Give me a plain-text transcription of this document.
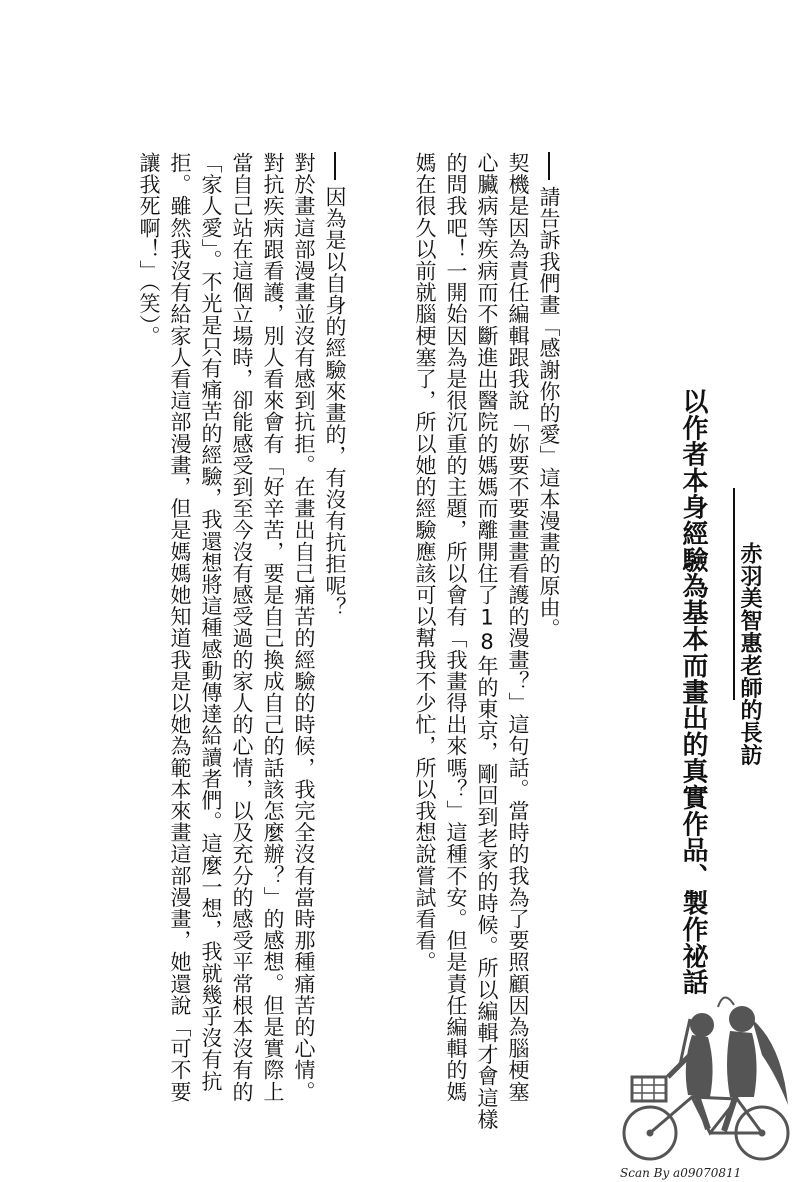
以作者本身經驗為基本而畫出的真實作品、製作祕話 赤羽美智惠老師的長訪
請告訴我們畫「感謝你的愛」這本漫畫的原由。
契機是因為責任編輯跟我說「妳要不要畫畫看護的漫畫？」這句話。當時的我為了要照顧因為腦梗塞
心臟病等疾病而不斷進出醫院的媽媽而離開住了18年的東京，剛回到老家的時候。所以編輯才會這樣
的問我吧！一開始因為是很沉重的主題，所以會有「我畫得出來嗎？」這種不安。但是責任編輯的媽
媽在很久以前就腦梗塞了，所以她的經驗應該可以幫我不少忙，所以我想說嘗試看看。
因為是以自身的經驗來畫的，有沒有抗拒呢？
對於畫這部漫畫並沒有感到抗拒。在畫出自己痛苦的經驗的時候，我完全沒有當時那種痛苦的心情。
對抗疾病跟看護，別人看來會有「好辛苦，要是自己換成自己的話該怎麼辦？」的感想。但是實際上
當自己站在這個立場時，卻能感受到至今沒有感受過的家人的心情，以及充分的感受平常根本沒有的
「家人愛」。不光是只有痛苦的經驗，我還想將這種感動傳達給讀者們。這麼一想，我就幾乎沒有抗
拒。雖然我沒有給家人看這部漫畫，但是媽媽她知道我是以她為範本來畫這部漫畫，她還說「可不要
讓我死啊！」（笑）。
Scan By a09070811
